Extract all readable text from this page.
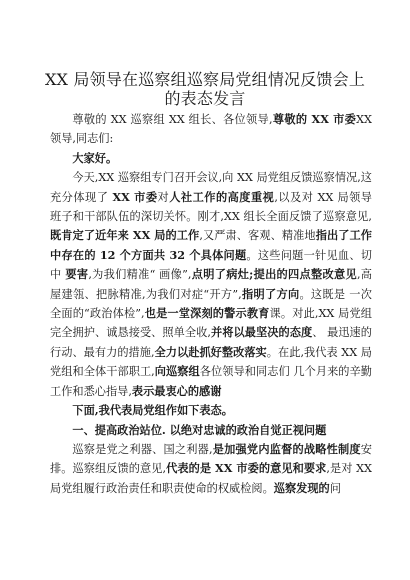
XX 局领导在巡察组巡察局党组情况反馈会上的表态发言

尊敬的 XX 巡察组 XX 组长、各位领导,尊敬的 XX 市委XX 领导,同志们:

大家好。

今天,XX 巡察组专门召开会议,向 XX 局党组反馈巡察情况,这充分体现了 XX 市委对人社工作的高度重视,以及对 XX 局领导 班子和干部队伍的深切关怀。刚才,XX 组长全面反馈了巡察意见,既肯定了近年来 XX 局的工作,又严肃、客观、精准地指出了工作 中存在的 12 个方面共 32 个具体问题。这些问题一针见血、切中 要害,为我们精准“ 画像”,点明了病灶;提出的四点整改意见,高屋建瓴、把脉精准,为我们对症“开方”,指明了方向。这既是 一次全面的“政治体检”,也是一堂深刻的警示教育课。对此,XX 局党组完全拥护、诚恳接受、照单全收,并将以最坚决的态度、 最迅速的行动、最有力的措施,全力以赴抓好整改落实。在此,我代表 XX 局党组和全体干部职工,向巡察组各位领导和同志们 几个月来的辛勤工作和悉心指导,表示最衷心的感谢

下面,我代表局党组作如下表态。

一、提高政治站位. 以绝对忠诚的政治自觉正视问题

巡察是党之利器、国之利器,是加强党内监督的战略性制度安排。巡察组反馈的意见,代表的是 XX 市委的意见和要求,是对 XX 局党组履行政治责任和职责使命的权威检阅。巡察发现的问
